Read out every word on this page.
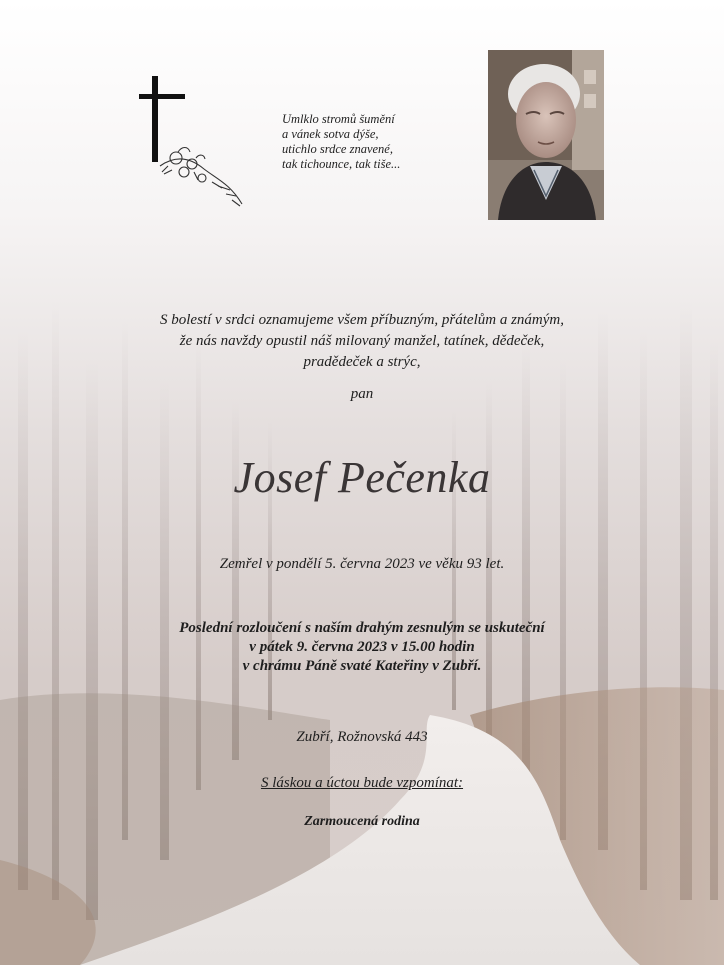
Umlklo stromů šumění
a vánek sotva dýše,
utichlo srdce znavené,
tak tichounce, tak tiše...
S bolestí v srdci oznamujeme všem příbuzným, přátelům a známým,
že nás navždy opustil náš milovaný manžel, tatínek, dědeček,
pradědeček a strýc,
pan
Josef Pečenka
Zemřel v pondělí 5. června 2023 ve věku 93 let.
Poslední rozloučení s naším drahým zesnulým se uskuteční
v pátek 9. června 2023 v 15.00 hodin
v chrámu Páně svaté Kateřiny v Zubří.
Zubří, Rožnovská 443
S láskou a úctou bude vzpomínat:
Zarmoucená rodina
